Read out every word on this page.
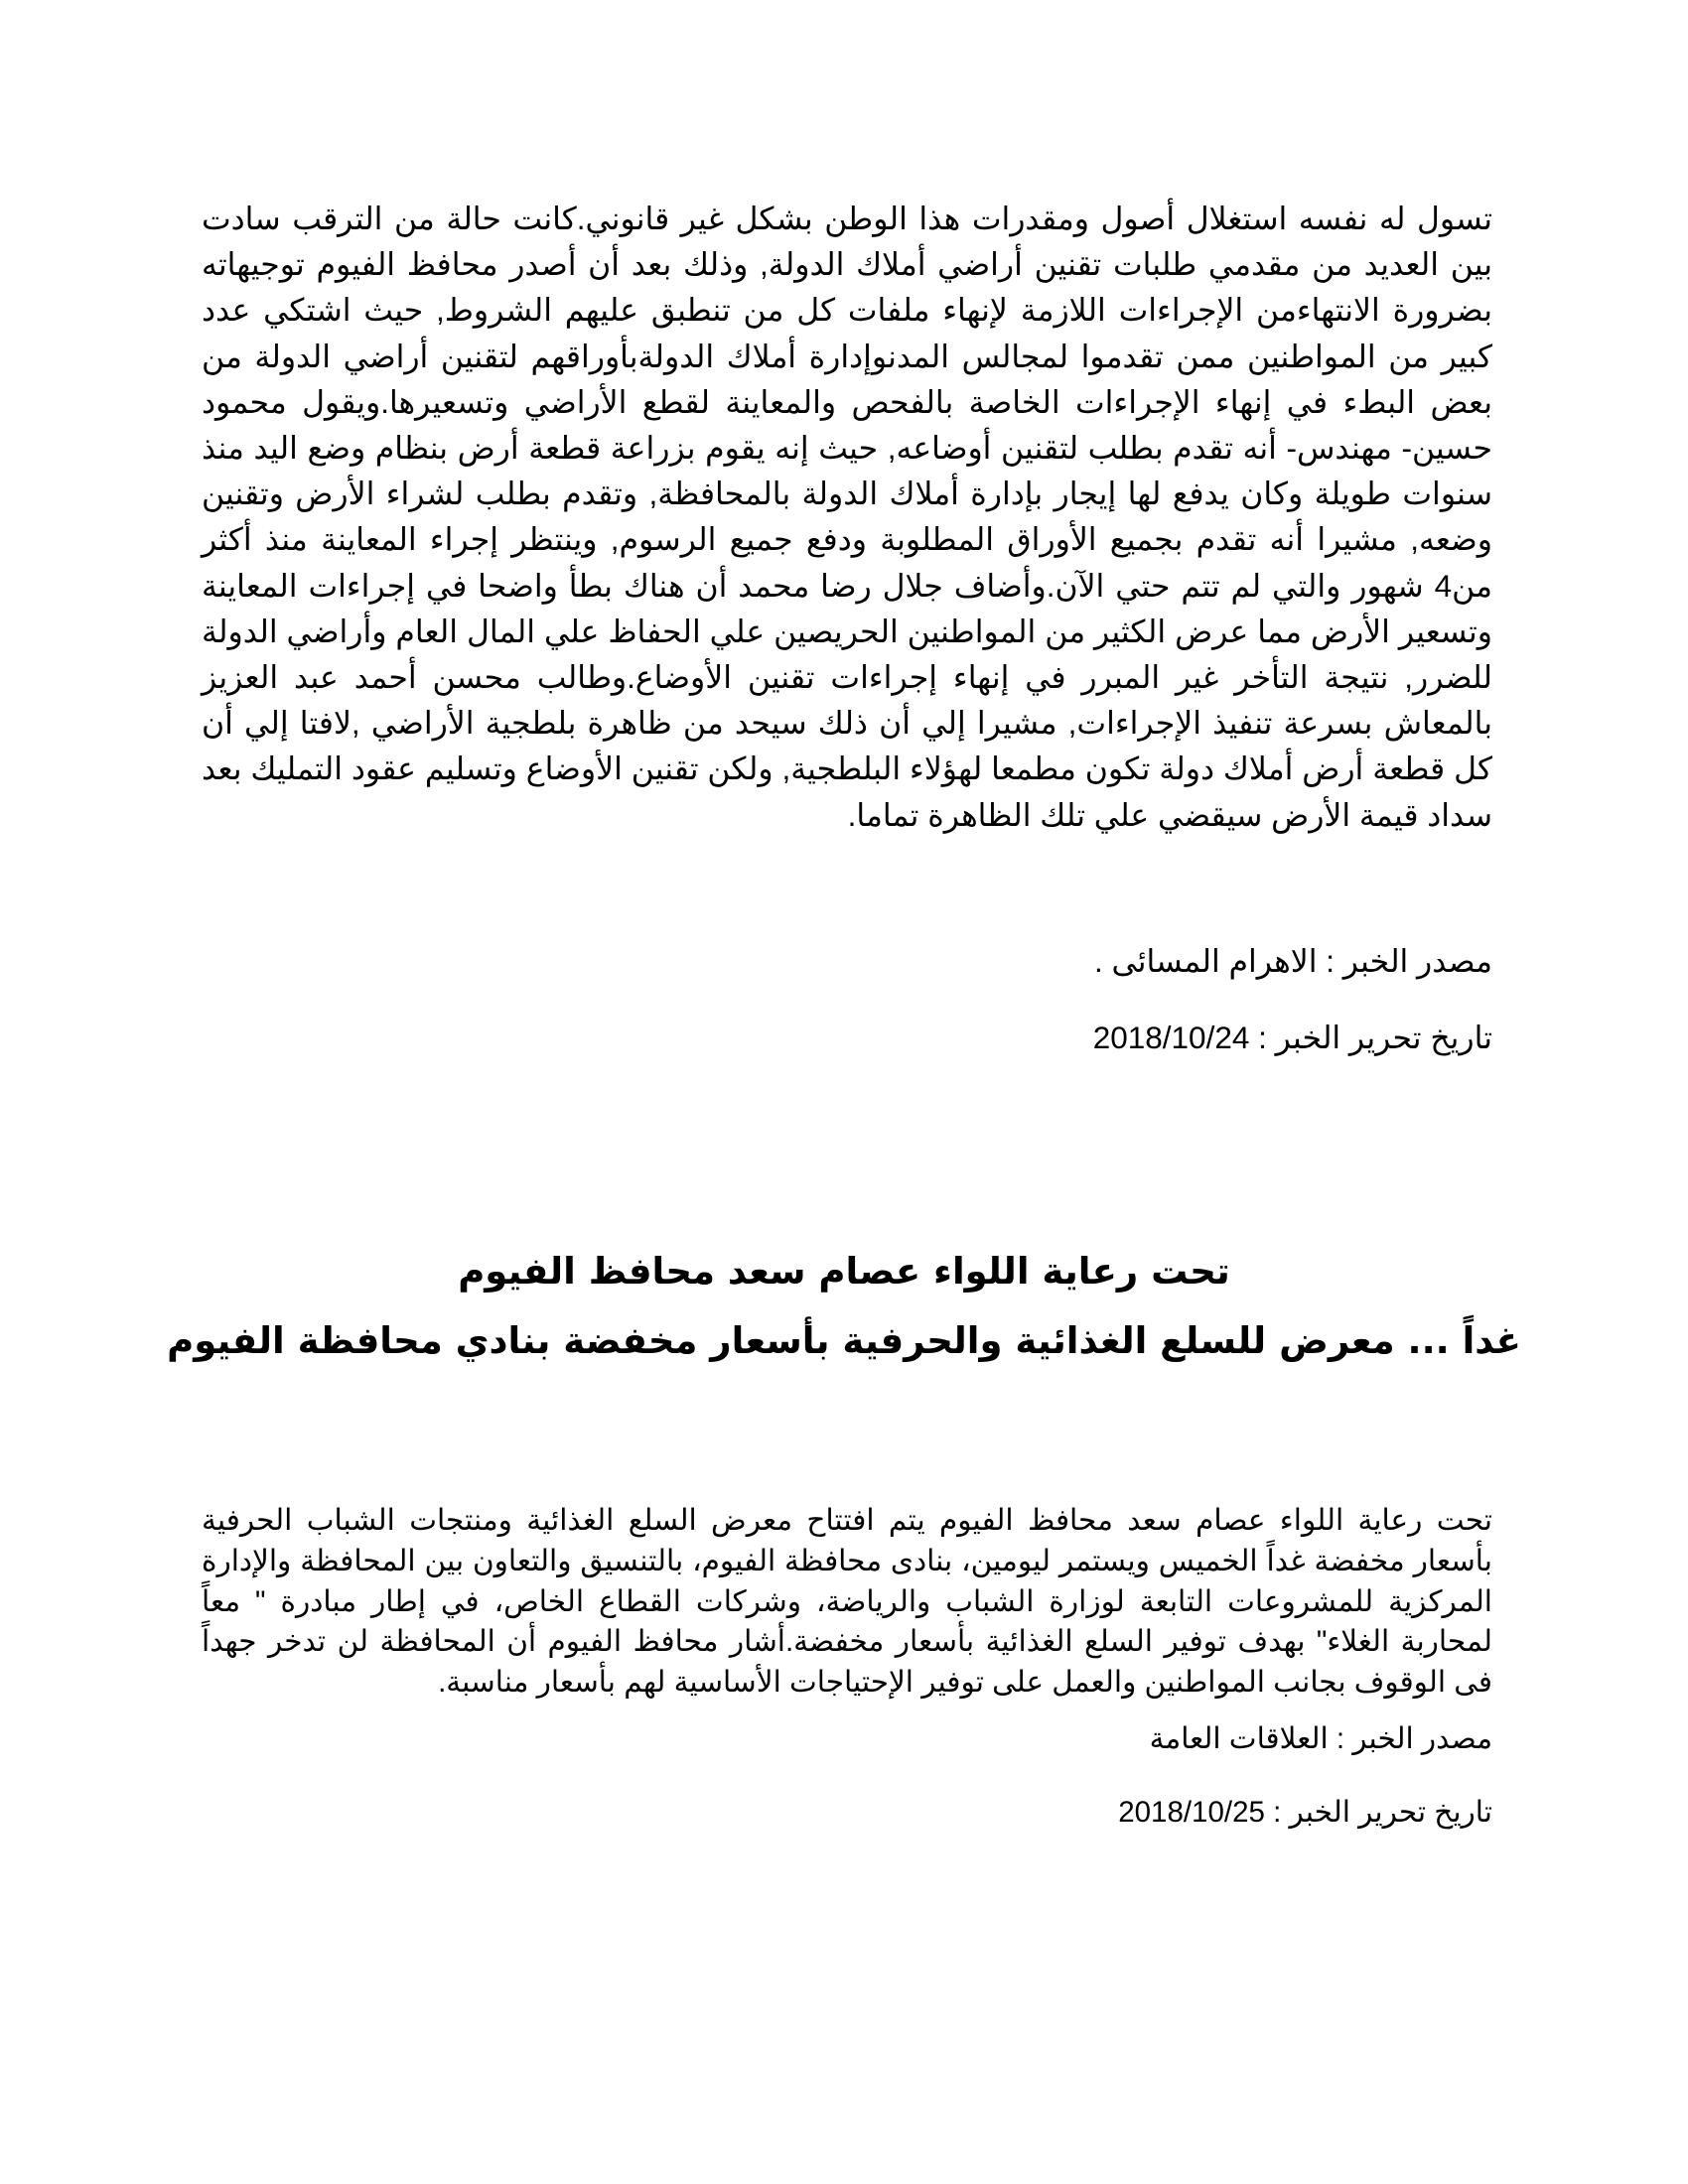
تسول له نفسه استغلال أصول ومقدرات هذا الوطن بشكل غير قانوني.كانت حالة من الترقب سادت بين العديد من مقدمي طلبات تقنين أراضي أملاك الدولة, وذلك بعد أن أصدر محافظ الفيوم توجيهاته بضرورة الانتهاءمن الإجراءات اللازمة لإنهاء ملفات كل من تنطبق عليهم الشروط, حيث اشتكي عدد كبير من المواطنين ممن تقدموا لمجالس المدنوإدارة أملاك الدولةبأوراقهم لتقنين أراضي الدولة من بعض البطء في إنهاء الإجراءات الخاصة بالفحص والمعاينة لقطع الأراضي وتسعيرها.ويقول محمود حسين- مهندس- أنه تقدم بطلب لتقنين أوضاعه, حيث إنه يقوم بزراعة قطعة أرض بنظام وضع اليد منذ سنوات طويلة وكان يدفع لها إيجار بإدارة أملاك الدولة بالمحافظة, وتقدم بطلب لشراء الأرض وتقنين وضعه, مشيرا أنه تقدم بجميع الأوراق المطلوبة ودفع جميع الرسوم, وينتظر إجراء المعاينة منذ أكثر من4 شهور والتي لم تتم حتي الآن.وأضاف جلال رضا محمد أن هناك بطأ واضحا في إجراءات المعاينة وتسعير الأرض مما عرض الكثير من المواطنين الحريصين علي الحفاظ علي المال العام وأراضي الدولة للضرر, نتيجة التأخر غير المبرر في إنهاء إجراءات تقنين الأوضاع.وطالب محسن أحمد عبد العزيز بالمعاش بسرعة تنفيذ الإجراءات, مشيرا إلي أن ذلك سيحد من ظاهرة بلطجية الأراضي ,لافتا إلي أن كل قطعة أرض أملاك دولة تكون مطمعا لهؤلاء البلطجية, ولكن تقنين الأوضاع وتسليم عقود التمليك بعد سداد قيمة الأرض سيقضي علي تلك الظاهرة تماما.

مصدر الخبر : الاهرام المسائى .

تاريخ تحرير الخبر : 2018/10/24

تحت رعاية اللواء عصام سعد محافظ الفيوم
غداً ... معرض للسلع الغذائية والحرفية بأسعار مخفضة بنادي محافظة الفيوم

تحت رعاية اللواء عصام سعد محافظ الفيوم يتم افتتاح معرض السلع الغذائية ومنتجات الشباب الحرفية بأسعار مخفضة غداً الخميس ويستمر ليومين، بنادى محافظة الفيوم، بالتنسيق والتعاون بين المحافظة والإدارة المركزية للمشروعات التابعة لوزارة الشباب والرياضة، وشركات القطاع الخاص، في إطار مبادرة " معاً لمحاربة الغلاء" بهدف توفير السلع الغذائية بأسعار مخفضة.أشار محافظ الفيوم أن المحافظة لن تدخر جهداً فى الوقوف بجانب المواطنين والعمل على توفير الإحتياجات الأساسية لهم بأسعار مناسبة.

مصدر الخبر : العلاقات العامة

تاريخ تحرير الخبر : 2018/10/25
